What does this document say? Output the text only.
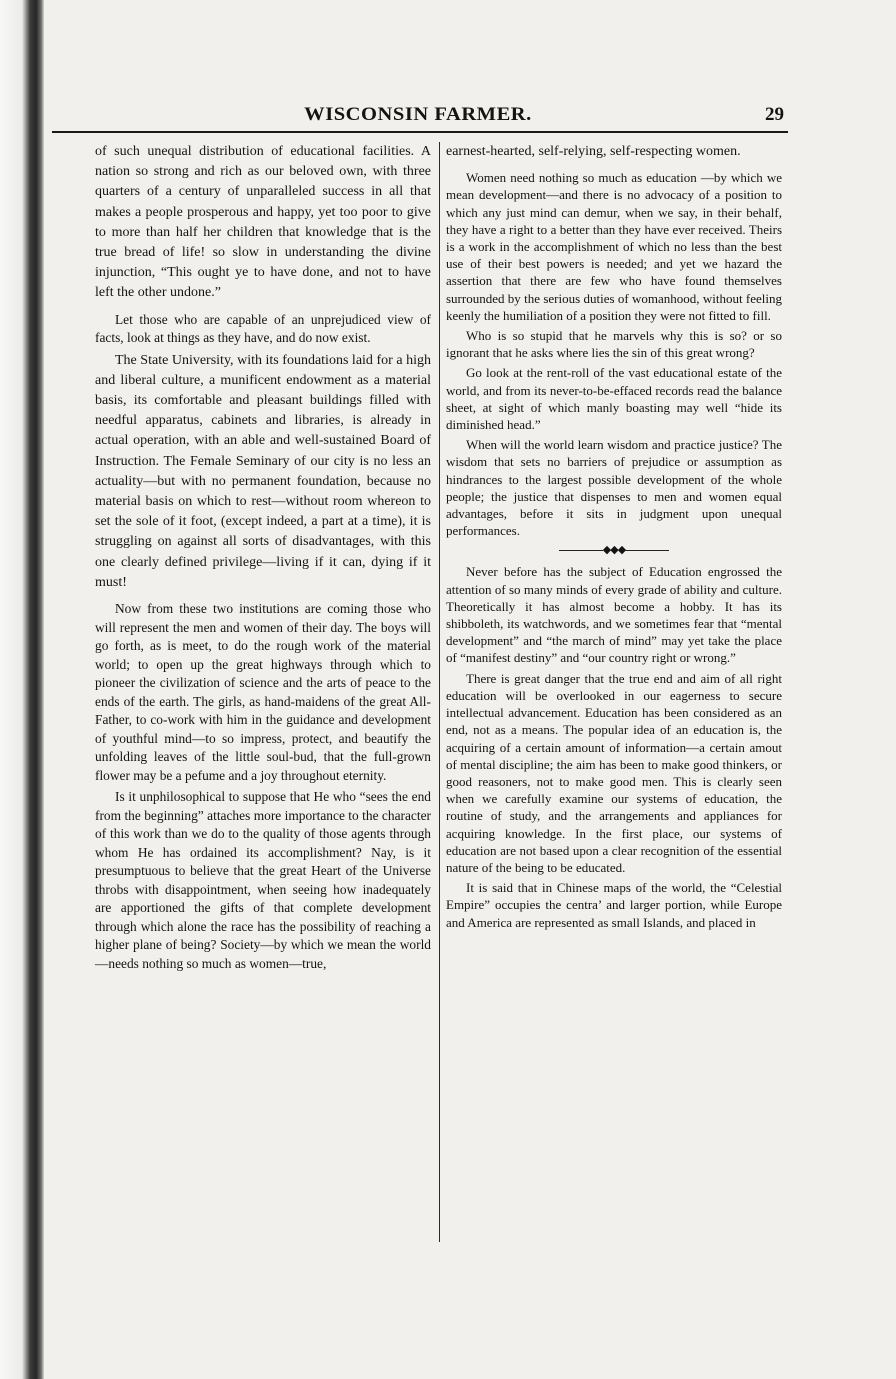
WISCONSIN FARMER.	29

of such unequal distribution of educational facilities. A nation so strong and rich as our beloved own, with three quarters of a century of unparalleled success in all that makes a people prosperous and happy, yet too poor to give to more than half her children that knowledge that is the true bread of life! so slow in understanding the divine injunction, “This ought ye to have done, and not to have left the other undone.”

Let those who are capable of an unprejudiced view of facts, look at things as they have, and do now exist.

The State University, with its foundations laid for a high and liberal culture, a munificent endowment as a material basis, its comfortable and pleasant buildings filled with needful apparatus, cabinets and libraries, is already in actual operation, with an able and well-sustained Board of Instruction. The Female Seminary of our city is no less an actuality—but with no permanent foundation, because no material basis on which to rest—without room whereon to set the sole of it foot, (except indeed, a part at a time), it is struggling on against all sorts of disadvantages, with this one clearly defined privilege—living if it can, dying if it must!

Now from these two institutions are coming those who will represent the men and women of their day. The boys will go forth, as is meet, to do the rough work of the material world; to open up the great highways through which to pioneer the civilization of science and the arts of peace to the ends of the earth. The girls, as hand-maidens of the great All-Father, to co-work with him in the guidance and development of youthful mind—to so impress, protect, and beautify the unfolding leaves of the little soul-bud, that the full-grown flower may be a pefume and a joy throughout eternity.

Is it unphilosophical to suppose that He who “sees the end from the beginning” attaches more importance to the character of this work than we do to the quality of those agents through whom He has ordained its accomplishment? Nay, is it presumptuous to believe that the great Heart of the Universe throbs with disappointment, when seeing how inadequately are apportioned the gifts of that complete development through which alone the race has the possibility of reaching a higher plane of being? Society—by which we mean the world —needs nothing so much as women—true,

earnest-hearted, self-relying, self-respecting women.

Women need nothing so much as education —by which we mean development—and there is no advocacy of a position to which any just mind can demur, when we say, in their behalf, they have a right to a better than they have ever received. Theirs is a work in the accomplishment of which no less than the best use of their best powers is needed; and yet we hazard the assertion that there are few who have found themselves surrounded by the serious duties of womanhood, without feeling keenly the humiliation of a position they were not fitted to fill.

Who is so stupid that he marvels why this is so? or so ignorant that he asks where lies the sin of this great wrong?

Go look at the rent-roll of the vast educational estate of the world, and from its never-to-be-effaced records read the balance sheet, at sight of which manly boasting may well “hide its diminished head.”

When will the world learn wisdom and practice justice? The wisdom that sets no barriers of prejudice or assumption as hindrances to the largest possible development of the whole people; the justice that dispenses to men and women equal advantages, before it sits in judgment upon unequal performances.

◆◆◆

Never before has the subject of Education engrossed the attention of so many minds of every grade of ability and culture. Theoretically it has almost become a hobby. It has its shibboleth, its watchwords, and we sometimes fear that “mental development” and “the march of mind” may yet take the place of “manifest destiny” and “our country right or wrong.”

There is great danger that the true end and aim of all right education will be overlooked in our eagerness to secure intellectual advancement. Education has been considered as an end, not as a means. The popular idea of an education is, the acquiring of a certain amount of information—a certain amout of mental discipline; the aim has been to make good thinkers, or good reasoners, not to make good men. This is clearly seen when we carefully examine our systems of education, the routine of study, and the arrangements and appliances for acquiring knowledge. In the first place, our systems of education are not based upon a clear recognition of the essential nature of the being to be educated.

It is said that in Chinese maps of the world, the “Celestial Empire” occupies the centra’ and larger portion, while Europe and America are represented as small Islands, and placed in
